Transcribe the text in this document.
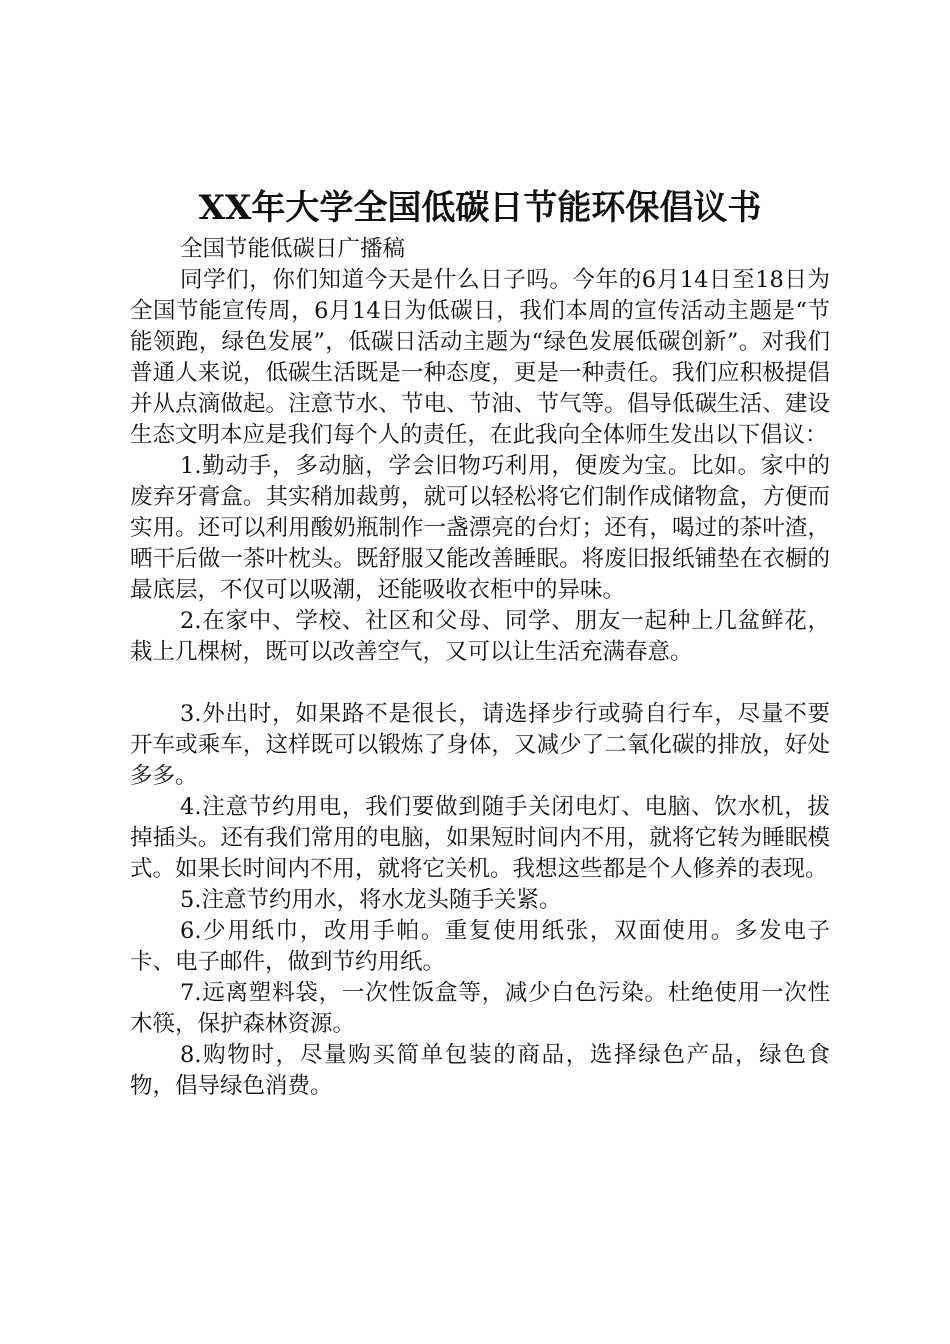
XX年大学全国低碳日节能环保倡议书

全国节能低碳日广播稿

同学们，你们知道今天是什么日子吗。今年的6月14日至18日为全国节能宣传周，6月14日为低碳日，我们本周的宣传活动主题是“节能领跑，绿色发展”，低碳日活动主题为“绿色发展低碳创新”。对我们普通人来说，低碳生活既是一种态度，更是一种责任。我们应积极提倡并从点滴做起。注意节水、节电、节油、节气等。倡导低碳生活、建设生态文明本应是我们每个人的责任，在此我向全体师生发出以下倡议：

1.勤动手，多动脑，学会旧物巧利用，便废为宝。比如。家中的废弃牙膏盒。其实稍加裁剪，就可以轻松将它们制作成储物盒，方便而实用。还可以利用酸奶瓶制作一盏漂亮的台灯；还有，喝过的茶叶渣，晒干后做一茶叶枕头。既舒服又能改善睡眠。将废旧报纸铺垫在衣橱的最底层，不仅可以吸潮，还能吸收衣柜中的异味。

2.在家中、学校、社区和父母、同学、朋友一起种上几盆鲜花，栽上几棵树，既可以改善空气，又可以让生活充满春意。

3.外出时，如果路不是很长，请选择步行或骑自行车，尽量不要开车或乘车，这样既可以锻炼了身体，又减少了二氧化碳的排放，好处多多。

4.注意节约用电，我们要做到随手关闭电灯、电脑、饮水机，拔掉插头。还有我们常用的电脑，如果短时间内不用，就将它转为睡眠模式。如果长时间内不用，就将它关机。我想这些都是个人修养的表现。

5.注意节约用水，将水龙头随手关紧。

6.少用纸巾，改用手帕。重复使用纸张，双面使用。多发电子卡、电子邮件，做到节约用纸。

7.远离塑料袋，一次性饭盒等，减少白色污染。杜绝使用一次性木筷，保护森林资源。

8.购物时，尽量购买简单包装的商品，选择绿色产品，绿色食物，倡导绿色消费。
